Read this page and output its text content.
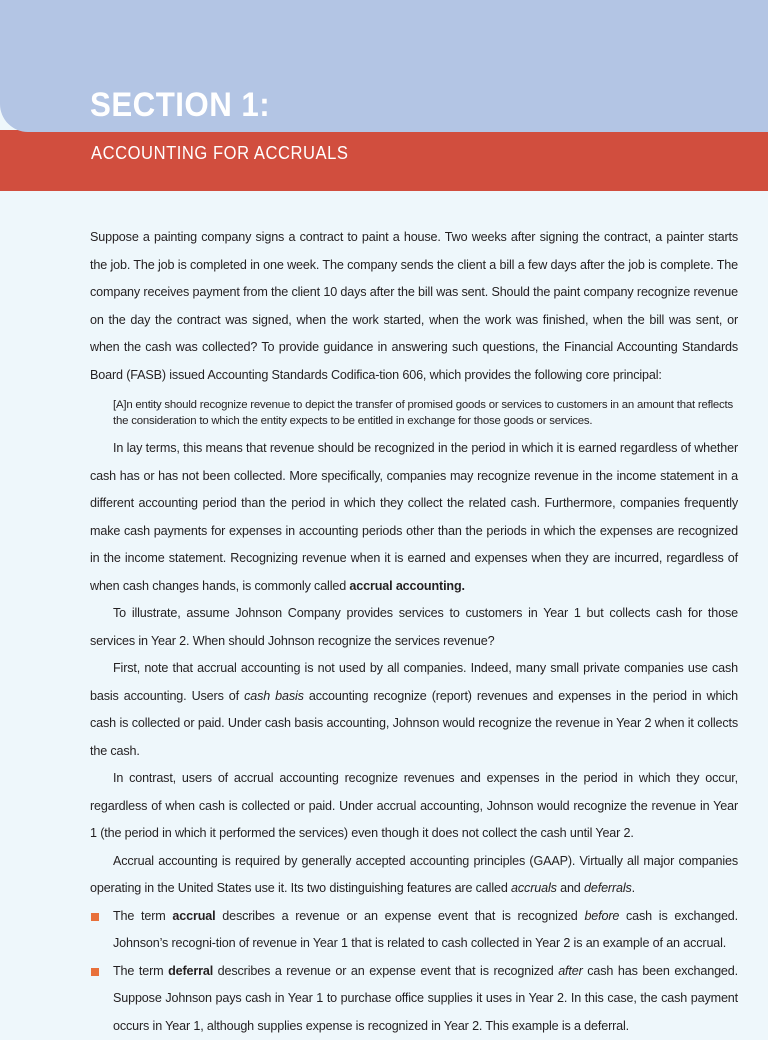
SECTION 1:
ACCOUNTING FOR ACCRUALS

Suppose a painting company signs a contract to paint a house. Two weeks after signing the contract, a painter starts the job. The job is completed in one week. The company sends the client a bill a few days after the job is complete. The company receives payment from the client 10 days after the bill was sent. Should the paint company recognize revenue on the day the contract was signed, when the work started, when the work was finished, when the bill was sent, or when the cash was collected? To provide guidance in answering such questions, the Financial Accounting Standards Board (FASB) issued Accounting Standards Codifica-tion 606, which provides the following core principal:

[A]n entity should recognize revenue to depict the transfer of promised goods or services to customers in an amount that reflects the consideration to which the entity expects to be entitled in exchange for those goods or services.

In lay terms, this means that revenue should be recognized in the period in which it is earned regardless of whether cash has or has not been collected. More specifically, companies may recognize revenue in the income statement in a different accounting period than the period in which they collect the related cash. Furthermore, companies frequently make cash payments for expenses in accounting periods other than the periods in which the expenses are recognized in the income statement. Recognizing revenue when it is earned and expenses when they are incurred, regardless of when cash changes hands, is commonly called accrual accounting.

To illustrate, assume Johnson Company provides services to customers in Year 1 but collects cash for those services in Year 2. When should Johnson recognize the services revenue?

First, note that accrual accounting is not used by all companies. Indeed, many small private companies use cash basis accounting. Users of cash basis accounting recognize (report) revenues and expenses in the period in which cash is collected or paid. Under cash basis accounting, Johnson would recognize the revenue in Year 2 when it collects the cash.

In contrast, users of accrual accounting recognize revenues and expenses in the period in which they occur, regardless of when cash is collected or paid. Under accrual accounting, Johnson would recognize the revenue in Year 1 (the period in which it performed the services) even though it does not collect the cash until Year 2.

Accrual accounting is required by generally accepted accounting principles (GAAP). Virtually all major companies operating in the United States use it. Its two distinguishing features are called accruals and deferrals.

The term accrual describes a revenue or an expense event that is recognized before cash is exchanged. Johnson’s recogni-tion of revenue in Year 1 that is related to cash collected in Year 2 is an example of an accrual.

The term deferral describes a revenue or an expense event that is recognized after cash has been exchanged. Suppose Johnson pays cash in Year 1 to purchase office supplies it uses in Year 2. In this case, the cash payment occurs in Year 1, although supplies expense is recognized in Year 2. This example is a deferral.
